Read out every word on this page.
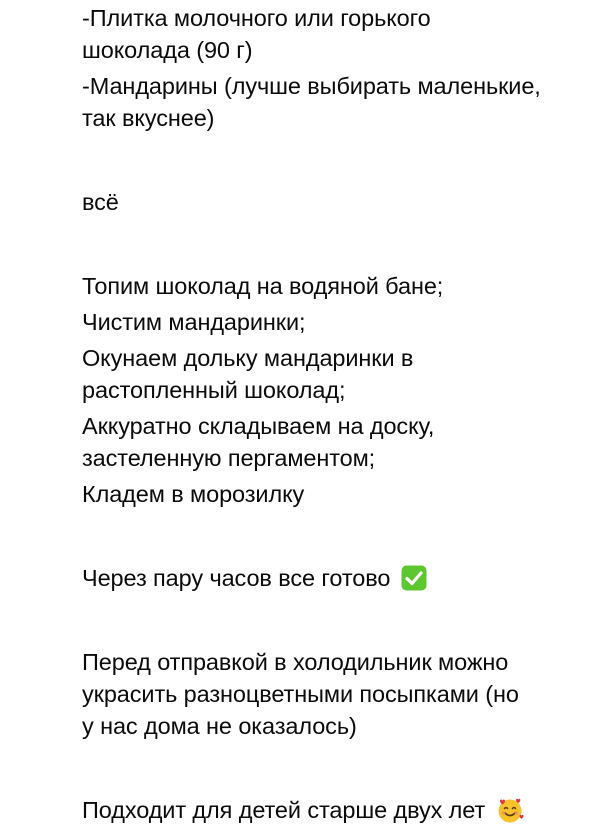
-Плитка молочного или горького
шоколада (90 г)

-Мандарины (лучше выбирать маленькие,
так вкуснее)

всё

Топим шоколад на водяной бане;

Чистим мандаринки;

Окунаем дольку мандаринки в
растопленный шоколад;

Аккуратно складываем на доску,
застеленную пергаментом;

Кладем в морозилку

Через пару часов все готово

Перед отправкой в холодильник можно
украсить разноцветными посыпками (но
у нас дома не оказалось)

Подходит для детей старше двух лет
